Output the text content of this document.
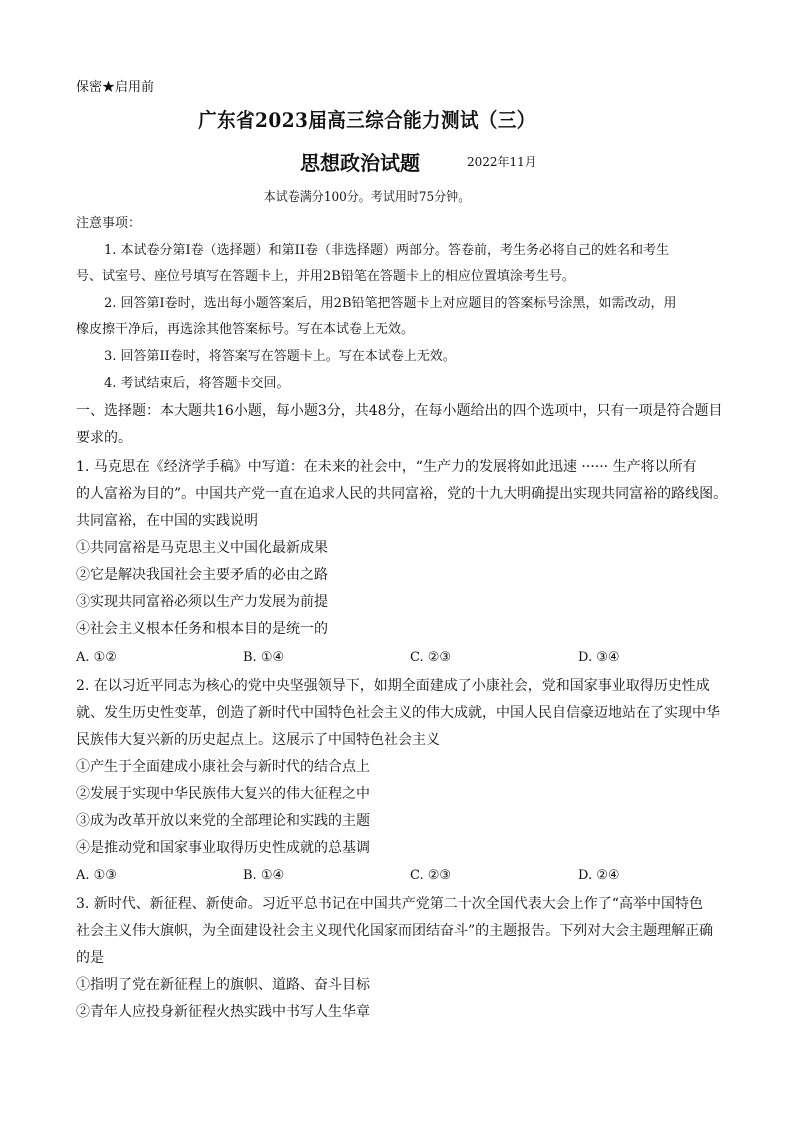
保密★启用前
广东省2023届高三综合能力测试（三）
思想政治试题	2022年11月
本试卷满分100分。考试用时75分钟。
注意事项：
1. 本试卷分第I卷（选择题）和第II卷（非选择题）两部分。答卷前，考生务必将自己的姓名和考生
号、试室号、座位号填写在答题卡上，并用2B铅笔在答题卡上的相应位置填涂考生号。
2. 回答第I卷时，选出每小题答案后，用2B铅笔把答题卡上对应题目的答案标号涂黑，如需改动，用
橡皮擦干净后，再选涂其他答案标号。写在本试卷上无效。
3. 回答第II卷时，将答案写在答题卡上。写在本试卷上无效。
4. 考试结束后，将答题卡交回。
一、选择题：本大题共16小题，每小题3分，共48分，在每小题给出的四个选项中，只有一项是符合题目
要求的。
1. 马克思在《经济学手稿》中写道：在未来的社会中，“生产力的发展将如此迅速 ······ 生产将以所有
的人富裕为目的”。中国共产党一直在追求人民的共同富裕，党的十九大明确提出实现共同富裕的路线图。
共同富裕，在中国的实践说明
①共同富裕是马克思主义中国化最新成果
②它是解决我国社会主要矛盾的必由之路
③实现共同富裕必须以生产力发展为前提
④社会主义根本任务和根本目的是统一的
A. ①②	B. ①④	C. ②③	D. ③④
2. 在以习近平同志为核心的党中央坚强领导下，如期全面建成了小康社会，党和国家事业取得历史性成
就、发生历史性变革，创造了新时代中国特色社会主义的伟大成就，中国人民自信豪迈地站在了实现中华
民族伟大复兴新的历史起点上。这展示了中国特色社会主义
①产生于全面建成小康社会与新时代的结合点上
②发展于实现中华民族伟大复兴的伟大征程之中
③成为改革开放以来党的全部理论和实践的主题
④是推动党和国家事业取得历史性成就的总基调
A. ①③	B. ①④	C. ②③	D. ②④
3. 新时代、新征程、新使命。习近平总书记在中国共产党第二十次全国代表大会上作了“高举中国特色
社会主义伟大旗帜，为全面建设社会主义现代化国家而团结奋斗”的主题报告。下列对大会主题理解正确
的是
①指明了党在新征程上的旗帜、道路、奋斗目标
②青年人应投身新征程火热实践中书写人生华章
